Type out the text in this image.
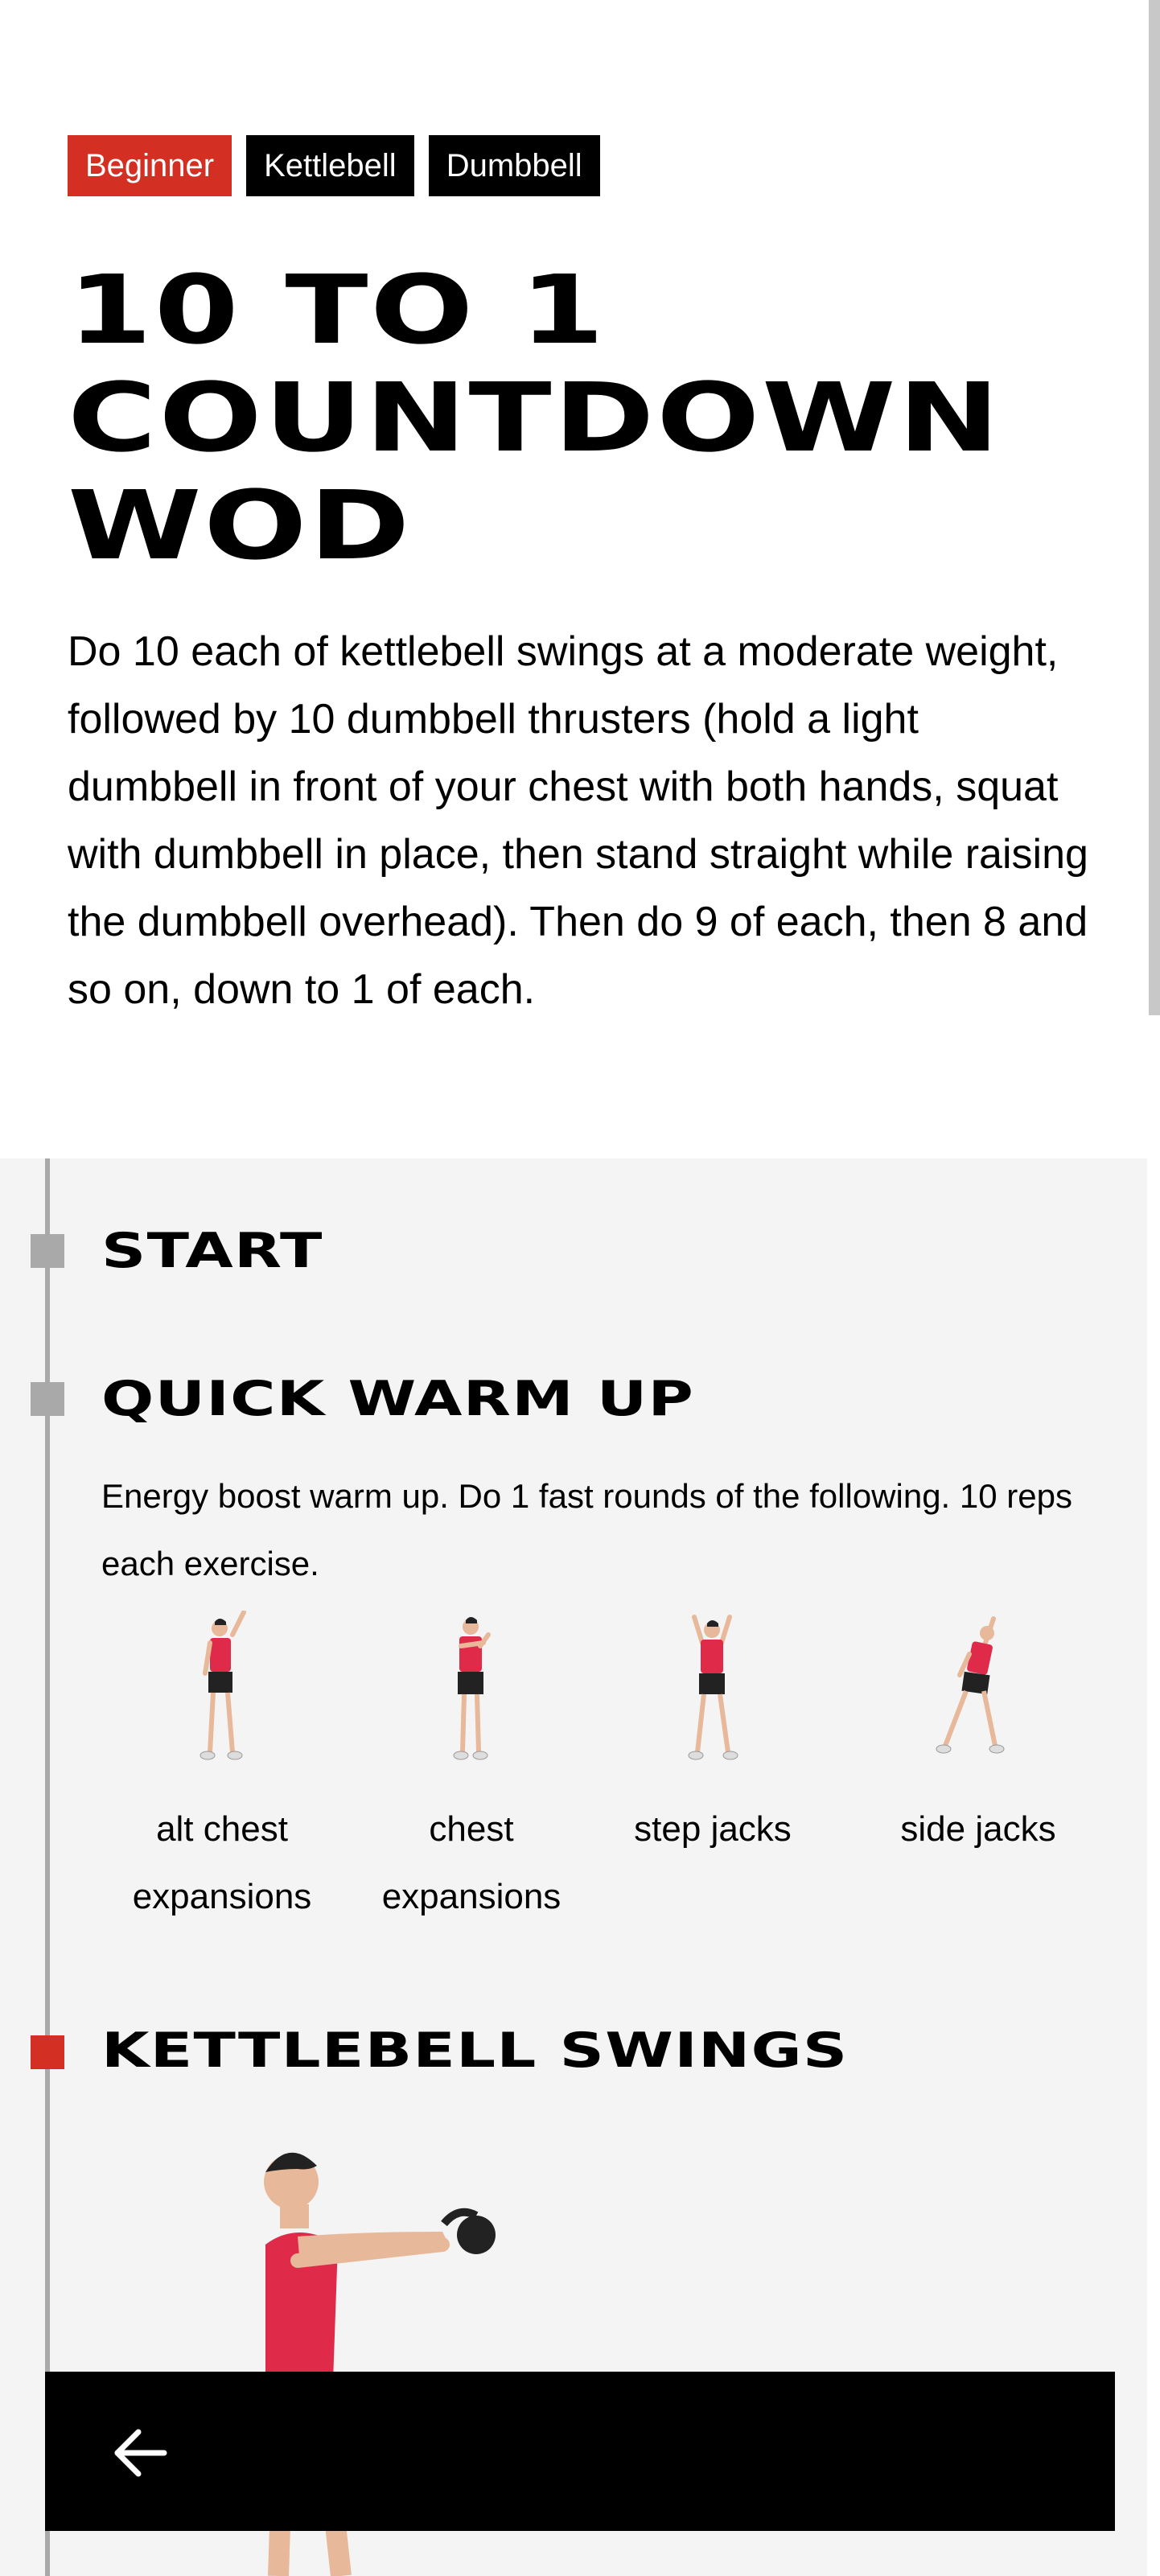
Beginner	Kettlebell	Dumbbell
10 TO 1
COUNTDOWN
WOD
Do 10 each of kettlebell swings at a moderate weight, followed by 10 dumbbell thrusters (hold a light dumbbell in front of your chest with both hands, squat with dumbbell in place, then stand straight while raising the dumbbell overhead). Then do 9 of each, then 8 and so on, down to 1 of each.
START
QUICK WARM UP
Energy boost warm up. Do 1 fast rounds of the following. 10 reps each exercise.
alt chest expansions
chest expansions
step jacks	side jacks
KETTLEBELL SWINGS
